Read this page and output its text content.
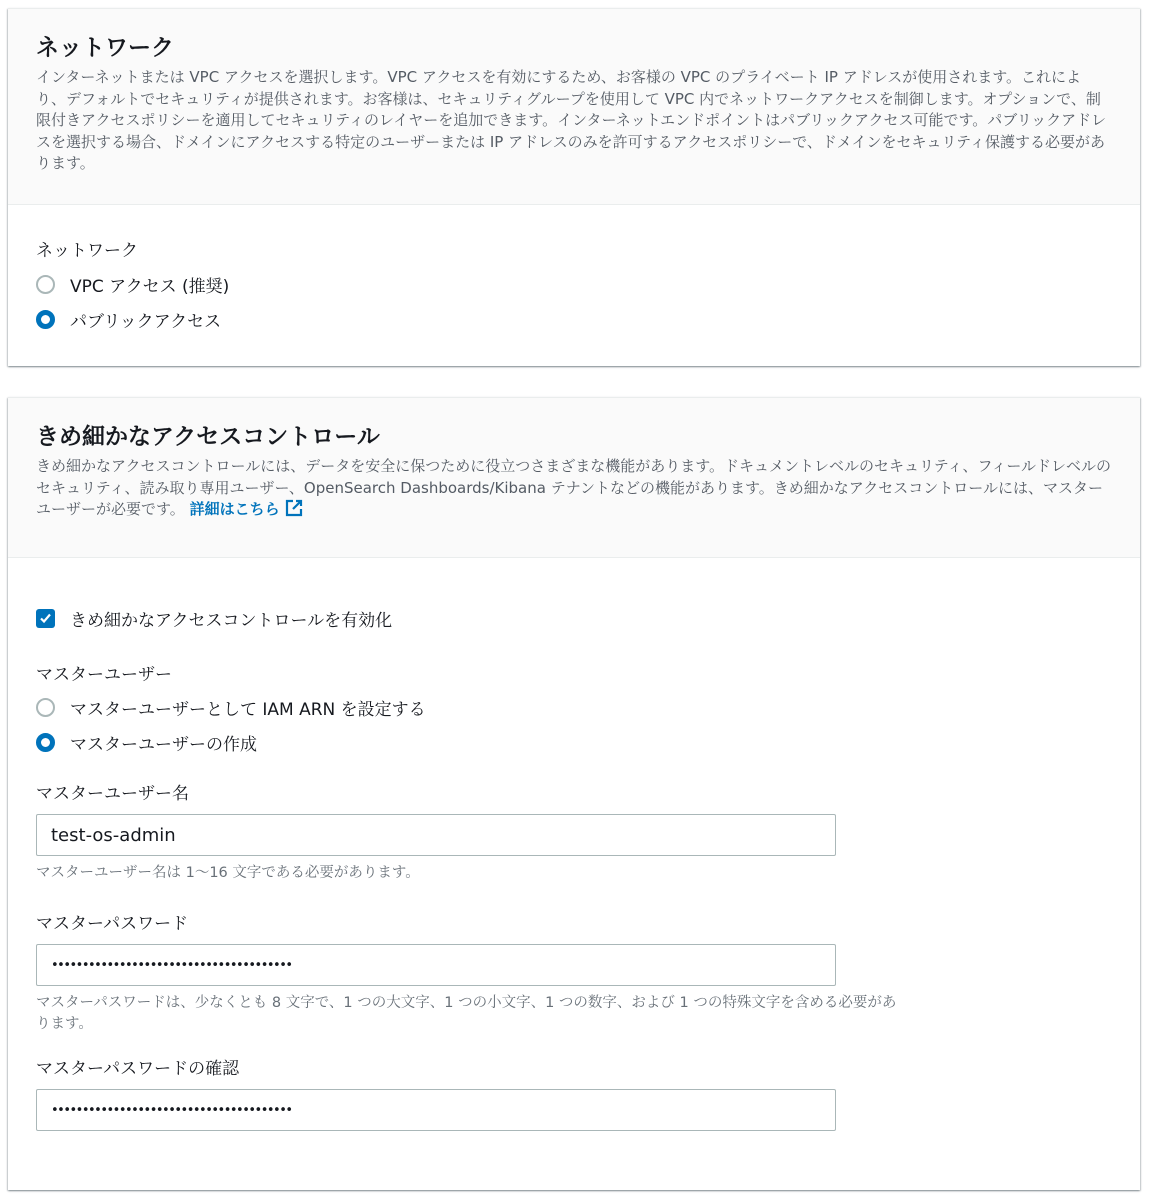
ネットワーク

インターネットまたは VPC アクセスを選択します。VPC アクセスを有効にするため、お客様の VPC のプライベート IP アドレスが使用されます。これにより、デフォルトでセキュリティが提供されます。お客様は、セキュリティグループを使用して VPC 内でネットワークアクセスを制御します。オプションで、制限付きアクセスポリシーを適用してセキュリティのレイヤーを追加できます。インターネットエンドポイントはパブリックアクセス可能です。パブリックアドレスを選択する場合、ドメインにアクセスする特定のユーザーまたは IP アドレスのみを許可するアクセスポリシーで、ドメインをセキュリティ保護する必要があります。

ネットワーク
VPC アクセス (推奨)
パブリックアクセス
きめ細かなアクセスコントロール

きめ細かなアクセスコントロールには、データを安全に保つために役立つさまざまな機能があります。ドキュメントレベルのセキュリティ、フィールドレベルのセキュリティ、読み取り専用ユーザー、OpenSearch Dashboards/Kibana テナントなどの機能があります。きめ細かなアクセスコントロールには、マスターユーザーが必要です。 詳細はこちら

きめ細かなアクセスコントロールを有効化
マスターユーザー
マスターユーザーとして IAM ARN を設定する
マスターユーザーの作成
マスターユーザー名
test-os-admin
マスターユーザー名は 1〜16 文字である必要があります。
マスターパスワード
•••••••••••••••••••••••••••••••••••••••
マスターパスワードは、少なくとも 8 文字で、1 つの大文字、1 つの小文字、1 つの数字、および 1 つの特殊文字を含める必要があります。
マスターパスワードの確認
•••••••••••••••••••••••••••••••••••••••
